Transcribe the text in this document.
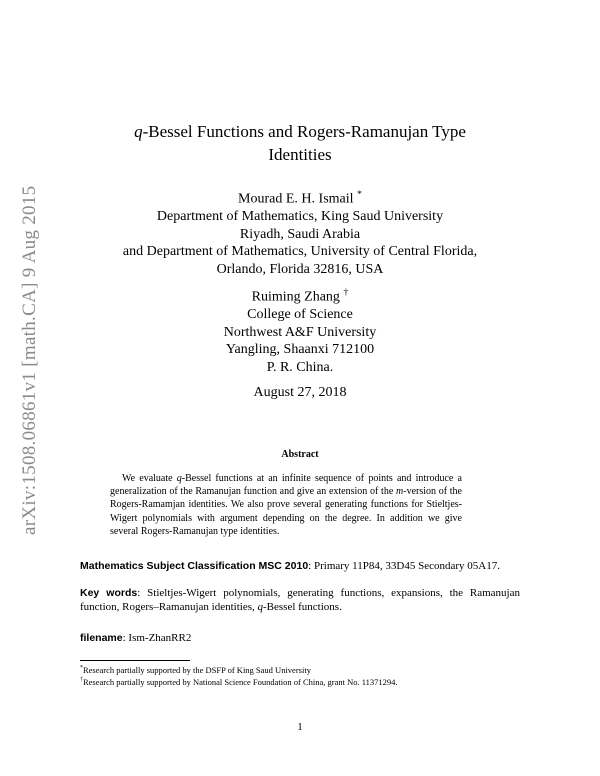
arXiv:1508.06861v1 [math.CA] 9 Aug 2015
q-Bessel Functions and Rogers-Ramanujan Type
Identities
Mourad E. H. Ismail *
Department of Mathematics, King Saud University
Riyadh, Saudi Arabia
and Department of Mathematics, University of Central Florida,
Orlando, Florida 32816, USA
Ruiming Zhang †
College of Science
Northwest A&F University
Yangling, Shaanxi 712100
P. R. China.
August 27, 2018
Abstract
We evaluate q-Bessel functions at an infinite sequence of points and introduce a generalization of the Ramanujan function and give an extension of the m-version of the Rogers-Ramamjan identities. We also prove several generating functions for Stieltjes-Wigert polynomials with argument depending on the degree. In addition we give several Rogers-Ramanujan type identities.
Mathematics Subject Classification MSC 2010: Primary 11P84, 33D45 Secondary 05A17.
Key words: Stieltjes-Wigert polynomials, generating functions, expansions, the Ramanujan function, Rogers–Ramanujan identities, q-Bessel functions.
filename: Ism-ZhanRR2
*Research partially supported by the DSFP of King Saud University
†Research partially supported by National Science Foundation of China, grant No. 11371294.
1
